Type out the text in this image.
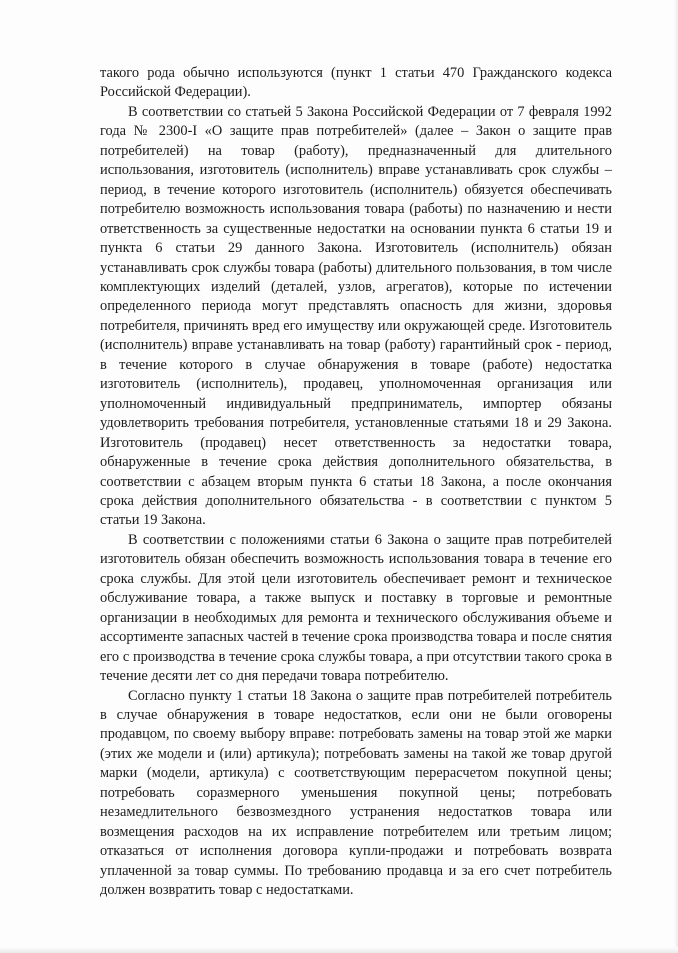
такого рода обычно используются (пункт 1 статьи 470 Гражданского кодекса Российской Федерации).

В соответствии со статьей 5 Закона Российской Федерации от 7 февраля 1992 года № 2300-I «О защите прав потребителей» (далее – Закон о защите прав потребителей) на товар (работу), предназначенный для длительного использования, изготовитель (исполнитель) вправе устанавливать срок службы – период, в течение которого изготовитель (исполнитель) обязуется обеспечивать потребителю возможность использования товара (работы) по назначению и нести ответственность за существенные недостатки на основании пункта 6 статьи 19 и пункта 6 статьи 29 данного Закона. Изготовитель (исполнитель) обязан устанавливать срок службы товара (работы) длительного пользования, в том числе комплектующих изделий (деталей, узлов, агрегатов), которые по истечении определенного периода могут представлять опасность для жизни, здоровья потребителя, причинять вред его имуществу или окружающей среде. Изготовитель (исполнитель) вправе устанавливать на товар (работу) гарантийный срок - период, в течение которого в случае обнаружения в товаре (работе) недостатка изготовитель (исполнитель), продавец, уполномоченная организация или уполномоченный индивидуальный предприниматель, импортер обязаны удовлетворить требования потребителя, установленные статьями 18 и 29 Закона. Изготовитель (продавец) несет ответственность за недостатки товара, обнаруженные в течение срока действия дополнительного обязательства, в соответствии с абзацем вторым пункта 6 статьи 18 Закона, а после окончания срока действия дополнительного обязательства - в соответствии с пунктом 5 статьи 19 Закона.

В соответствии с положениями статьи 6 Закона о защите прав потребителей изготовитель обязан обеспечить возможность использования товара в течение его срока службы. Для этой цели изготовитель обеспечивает ремонт и техническое обслуживание товара, а также выпуск и поставку в торговые и ремонтные организации в необходимых для ремонта и технического обслуживания объеме и ассортименте запасных частей в течение срока производства товара и после снятия его с производства в течение срока службы товара, а при отсутствии такого срока в течение десяти лет со дня передачи товара потребителю.

Согласно пункту 1 статьи 18 Закона о защите прав потребителей потребитель в случае обнаружения в товаре недостатков, если они не были оговорены продавцом, по своему выбору вправе: потребовать замены на товар этой же марки (этих же модели и (или) артикула); потребовать замены на такой же товар другой марки (модели, артикула) с соответствующим перерасчетом покупной цены; потребовать соразмерного уменьшения покупной цены; потребовать незамедлительного безвозмездного устранения недостатков товара или возмещения расходов на их исправление потребителем или третьим лицом; отказаться от исполнения договора купли-продажи и потребовать возврата уплаченной за товар суммы. По требованию продавца и за его счет потребитель должен возвратить товар с недостатками.
